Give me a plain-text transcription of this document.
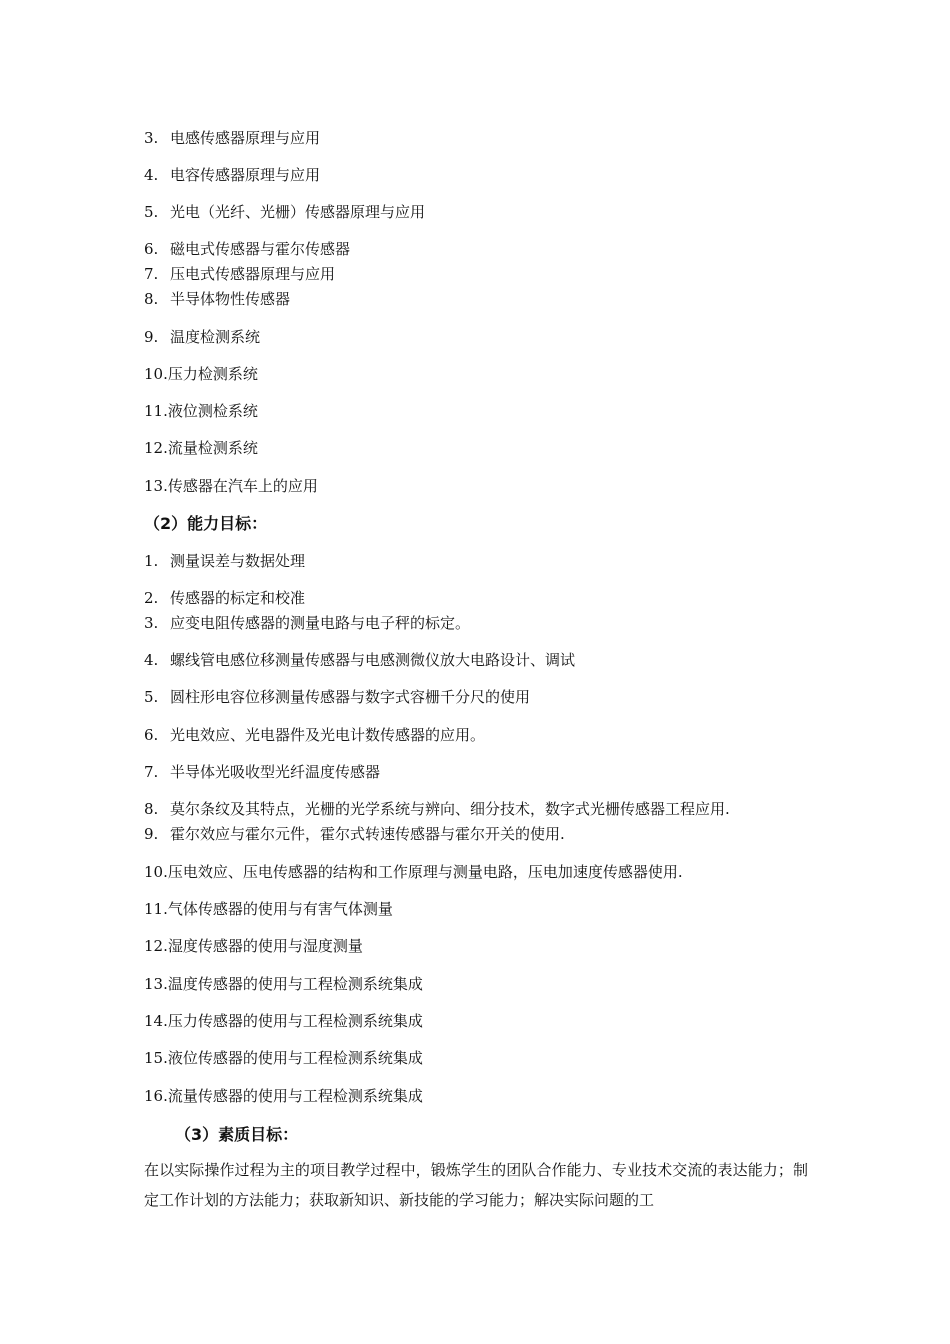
3. 电感传感器原理与应用
4. 电容传感器原理与应用
5. 光电（光纤、光栅）传感器原理与应用
6. 磁电式传感器与霍尔传感器
7. 压电式传感器原理与应用
8. 半导体物性传感器
9. 温度检测系统
10.压力检测系统
11.液位测检系统
12.流量检测系统
13.传感器在汽车上的应用
（2）能力目标：
1. 测量误差与数据处理
2. 传感器的标定和校准
3. 应变电阻传感器的测量电路与电子秤的标定。
4. 螺线管电感位移测量传感器与电感测微仪放大电路设计、调试
5. 圆柱形电容位移测量传感器与数字式容栅千分尺的使用
6. 光电效应、光电器件及光电计数传感器的应用。
7. 半导体光吸收型光纤温度传感器
8. 莫尔条纹及其特点，光栅的光学系统与辨向、细分技术，数字式光栅传感器工程应用.
9. 霍尔效应与霍尔元件，霍尔式转速传感器与霍尔开关的使用.
10.压电效应、压电传感器的结构和工作原理与测量电路，压电加速度传感器使用.
11.气体传感器的使用与有害气体测量
12.湿度传感器的使用与湿度测量
13.温度传感器的使用与工程检测系统集成
14.压力传感器的使用与工程检测系统集成
15.液位传感器的使用与工程检测系统集成
16.流量传感器的使用与工程检测系统集成
（3）素质目标：
在以实际操作过程为主的项目教学过程中，锻炼学生的团队合作能力、专业技术交流的表达能力；制定工作计划的方法能力；获取新知识、新技能的学习能力；解决实际问题的工
